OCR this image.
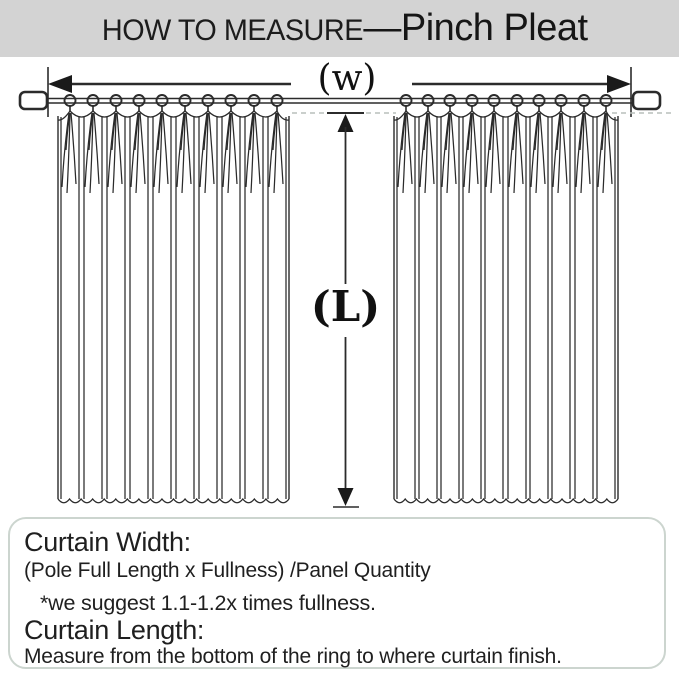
HOW TO MEASURE —Pinch Pleat
(w)
(L)

Curtain Width:

(Pole Full Length x Fullness) /Panel Quantity

*we suggest 1.1-1.2x times fullness.

Curtain Length:

Measure from the bottom of the ring to where curtain finish.
